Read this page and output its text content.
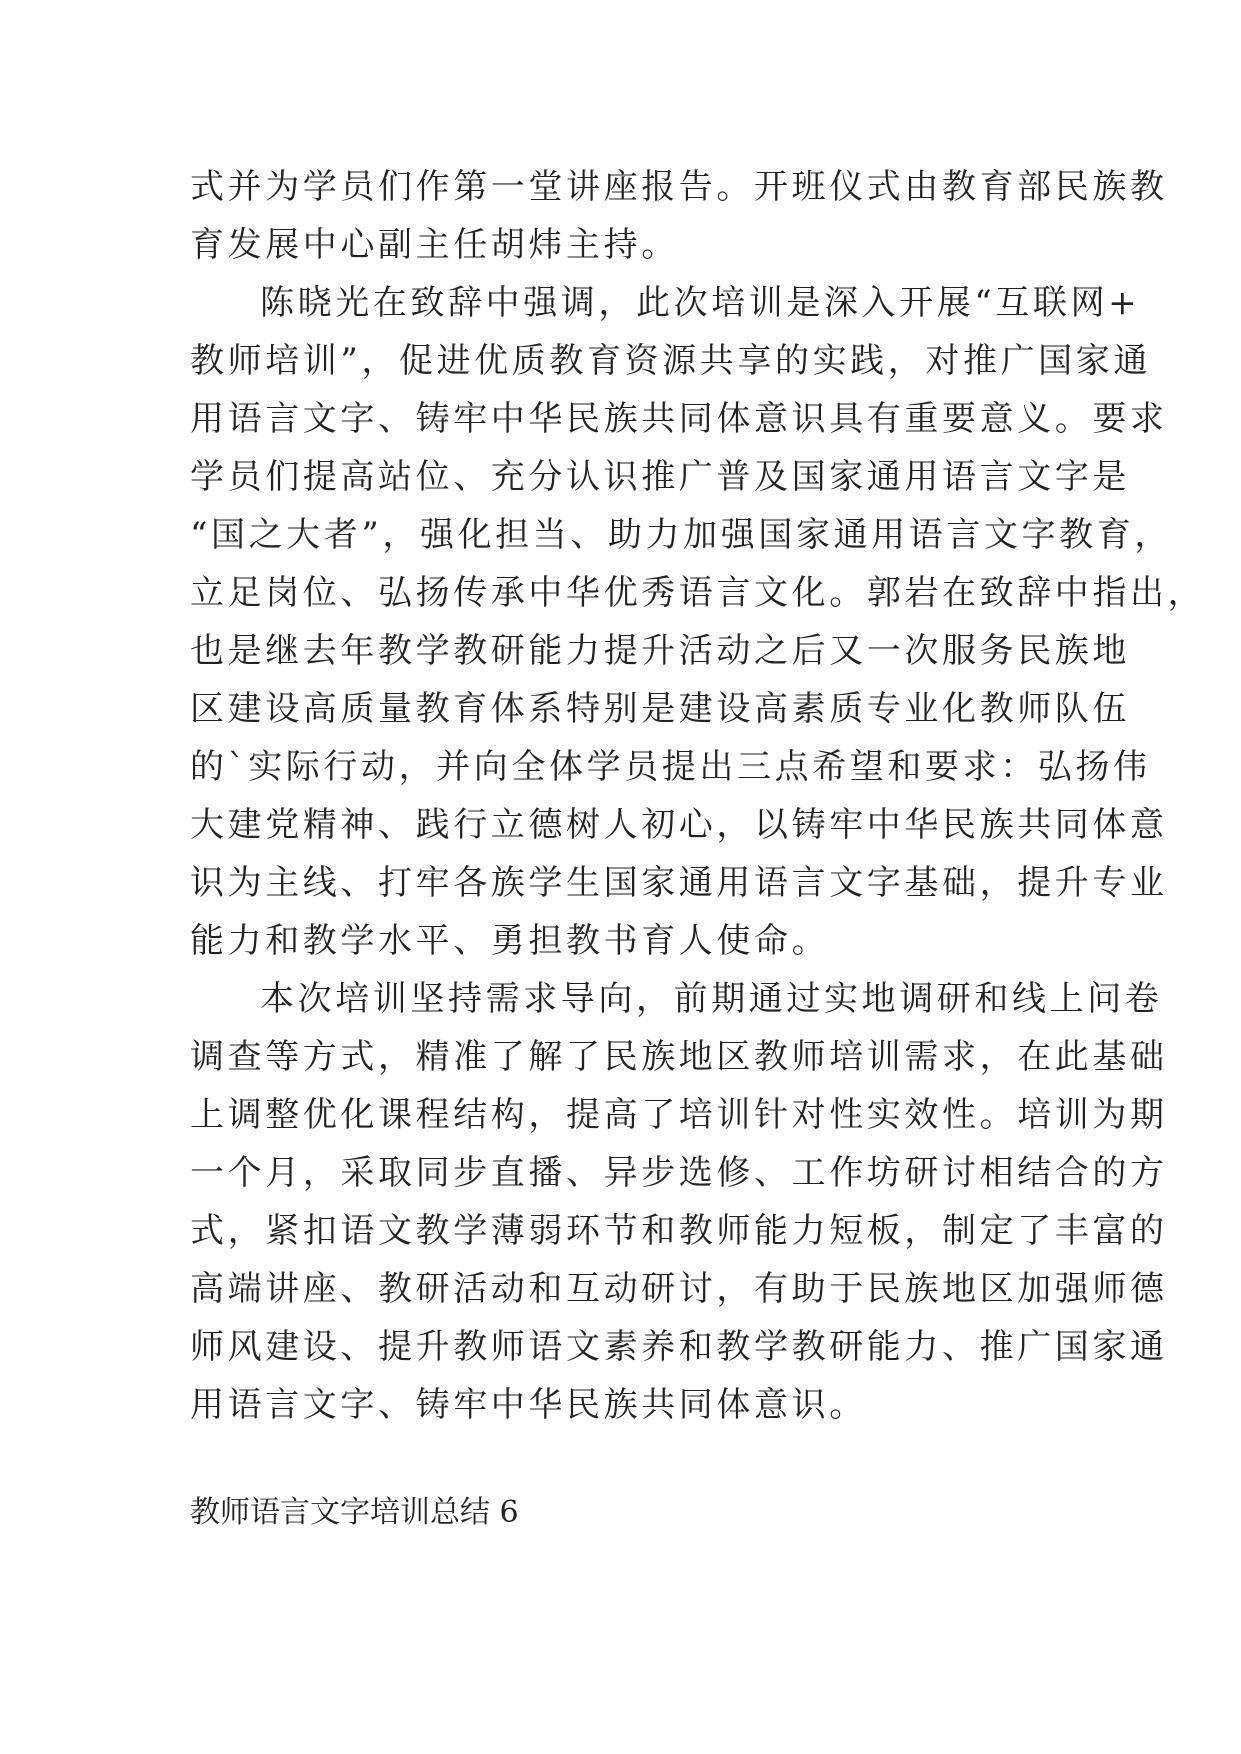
式并为学员们作第一堂讲座报告。开班仪式由教育部民族教
育发展中心副主任胡炜主持。
陈晓光在致辞中强调，此次培训是深入开展“互联网+
教师培训”，促进优质教育资源共享的实践，对推广国家通
用语言文字、铸牢中华民族共同体意识具有重要意义。要求
学员们提高站位、充分认识推广普及国家通用语言文字是
“国之大者”，强化担当、助力加强国家通用语言文字教育，
立足岗位、弘扬传承中华优秀语言文化。郭岩在致辞中指出，
也是继去年教学教研能力提升活动之后又一次服务民族地
区建设高质量教育体系特别是建设高素质专业化教师队伍
的`实际行动，并向全体学员提出三点希望和要求：弘扬伟
大建党精神、践行立德树人初心，以铸牢中华民族共同体意
识为主线、打牢各族学生国家通用语言文字基础，提升专业
能力和教学水平、勇担教书育人使命。
本次培训坚持需求导向，前期通过实地调研和线上问卷
调查等方式，精准了解了民族地区教师培训需求，在此基础
上调整优化课程结构，提高了培训针对性实效性。培训为期
一个月，采取同步直播、异步选修、工作坊研讨相结合的方
式，紧扣语文教学薄弱环节和教师能力短板，制定了丰富的
高端讲座、教研活动和互动研讨，有助于民族地区加强师德
师风建设、提升教师语文素养和教学教研能力、推广国家通
用语言文字、铸牢中华民族共同体意识。
教师语言文字培训总结 6
